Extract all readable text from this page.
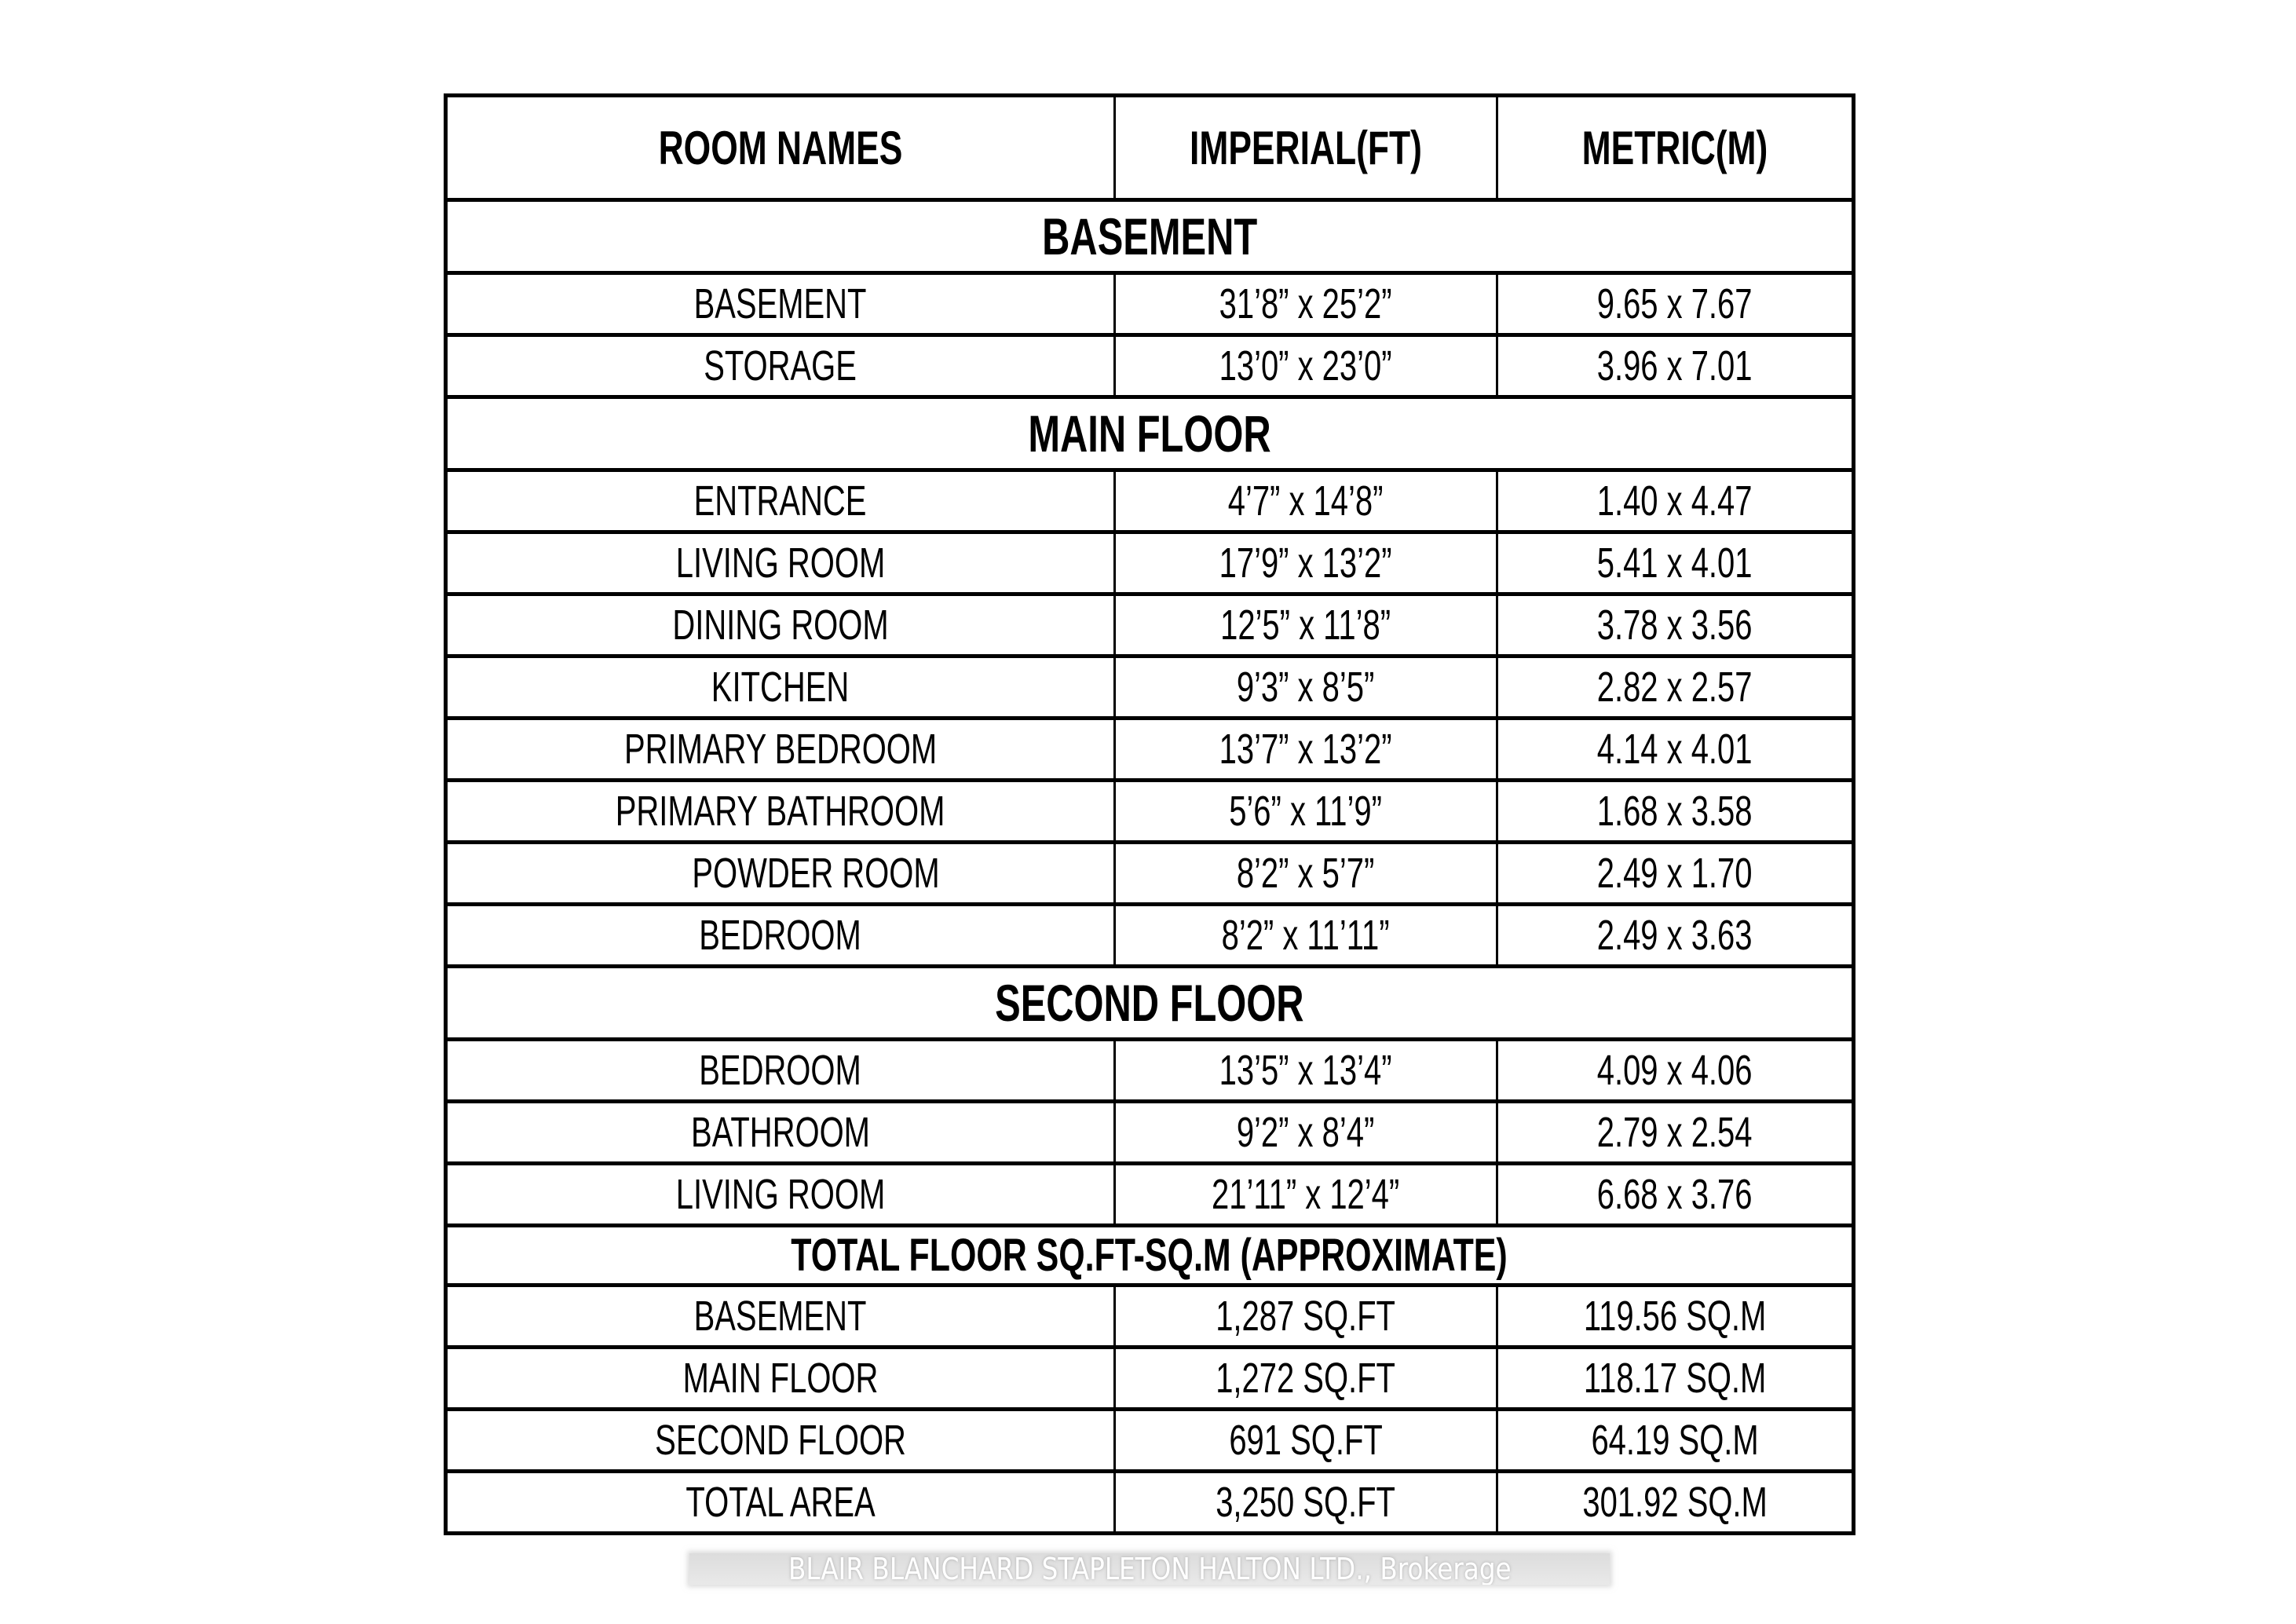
ROOM NAMES	IMPERIAL(FT)	METRIC(M)
BASEMENT		
BASEMENT	31’8” x 25’2”	9.65 x 7.67
STORAGE	13’0” x 23’0”	3.96 x 7.01
MAIN FLOOR		
ENTRANCE	4’7” x 14’8”	1.40 x 4.47
LIVING ROOM	17’9” x 13’2”	5.41 x 4.01
DINING ROOM	12’5” x 11’8”	3.78 x 3.56
KITCHEN	9’3” x 8’5”	2.82 x 2.57
PRIMARY BEDROOM	13’7” x 13’2”	4.14 x 4.01
PRIMARY BATHROOM	5’6” x 11’9”	1.68 x 3.58
POWDER ROOM	8’2” x 5’7”	2.49 x 1.70
BEDROOM	8’2” x 11’11”	2.49 x 3.63
SECOND FLOOR		
BEDROOM	13’5” x 13’4”	4.09 x 4.06
BATHROOM	9’2” x 8’4”	2.79 x 2.54
LIVING ROOM	21’11” x 12’4”	6.68 x 3.76
TOTAL FLOOR SQ.FT-SQ.M (APPROXIMATE)		
BASEMENT	1,287 SQ.FT	119.56 SQ.M
MAIN FLOOR	1,272 SQ.FT	118.17 SQ.M
SECOND FLOOR	691 SQ.FT	64.19 SQ.M
TOTAL AREA	3,250 SQ.FT	301.92 SQ.M
BLAIR BLANCHARD STAPLETON HALTON LTD., Brokerage
